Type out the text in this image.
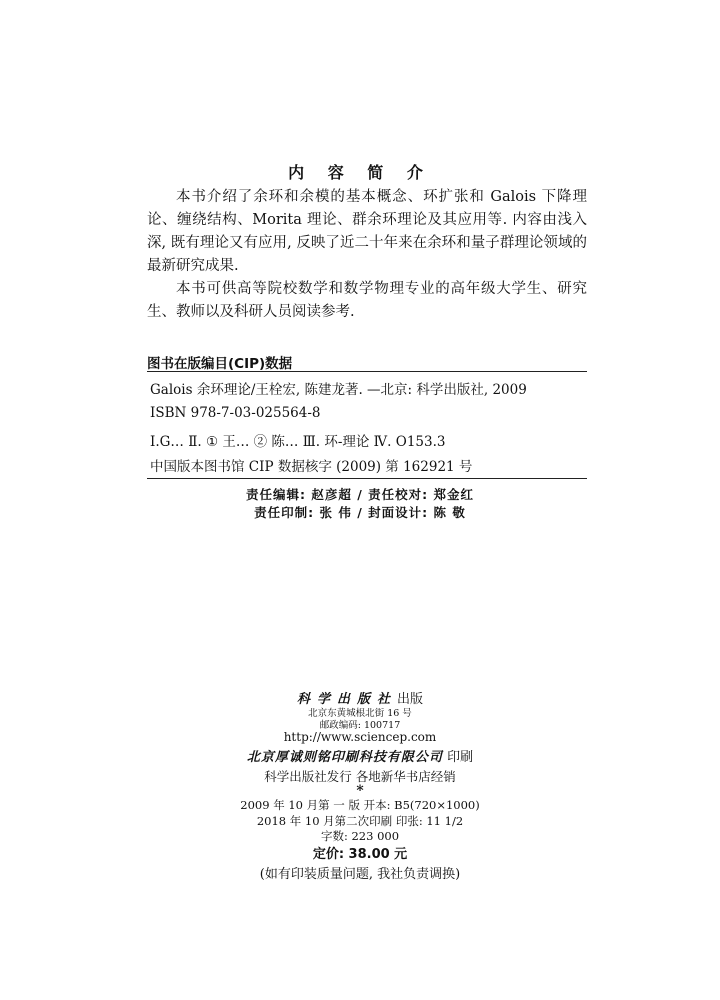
内 容 简 介

本书介绍了余环和余模的基本概念、环扩张和 Galois 下降理论、缠绕结构、Morita 理论、群余环理论及其应用等. 内容由浅入深, 既有理论又有应用, 反映了近二十年来在余环和量子群理论领域的最新研究成果.

本书可供高等院校数学和数学物理专业的高年级大学生、研究生、教师以及科研人员阅读参考.

图书在版编目(CIP)数据
Galois 余环理论/王栓宏, 陈建龙著. —北京: 科学出版社, 2009
ISBN 978-7-03-025564-8
Ⅰ.G… Ⅱ. ① 王… ② 陈… Ⅲ. 环-理论 Ⅳ. O153.3
中国版本图书馆 CIP 数据核字 (2009) 第 162921 号
责任编辑: 赵彦超 / 责任校对: 郑金红
责任印制: 张 伟 / 封面设计: 陈 敬
科学出版社出版
北京东黄城根北街 16 号
邮政编码: 100717
http://www.sciencep.com
北京厚诚则铭印刷科技有限公司 印刷
科学出版社发行 各地新华书店经销
*
2009 年 10 月第 一 版 开本: B5(720×1000)
2018 年 10 月第二次印刷 印张: 11 1/2
字数: 223 000
定价: 38.00 元
(如有印装质量问题, 我社负责调换)
